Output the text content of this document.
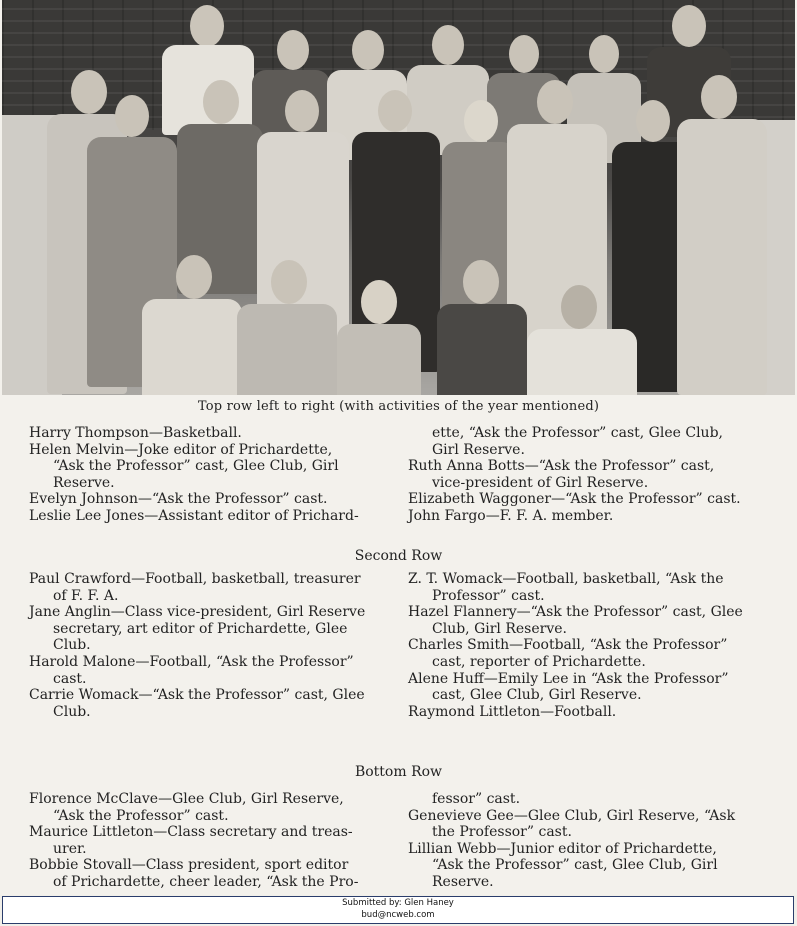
Top row left to right (with activities of the year mentioned)
Harry Thompson—Basketball.
Helen Melvin—Joke editor of Prichardette,
“Ask the Professor” cast, Glee Club, Girl
Reserve.
Evelyn Johnson—“Ask the Professor” cast.
Leslie Lee Jones—Assistant editor of Prichard-
ette, “Ask the Professor” cast, Glee Club,
Girl Reserve.
Ruth Anna Botts—“Ask the Professor” cast,
vice-president of Girl Reserve.
Elizabeth Waggoner—“Ask the Professor” cast.
John Fargo—F. F. A. member.
Second Row
Paul Crawford—Football, basketball, treasurer
of F. F. A.
Jane Anglin—Class vice-president, Girl Reserve
secretary, art editor of Prichardette, Glee
Club.
Harold Malone—Football, “Ask the Professor”
cast.
Carrie Womack—“Ask the Professor” cast, Glee
Club.
Z. T. Womack—Football, basketball, “Ask the
Professor” cast.
Hazel Flannery—“Ask the Professor” cast, Glee
Club, Girl Reserve.
Charles Smith—Football, “Ask the Professor”
cast, reporter of Prichardette.
Alene Huff—Emily Lee in “Ask the Professor”
cast, Glee Club, Girl Reserve.
Raymond Littleton—Football.
Bottom Row
Florence McClave—Glee Club, Girl Reserve,
“Ask the Professor” cast.
Maurice Littleton—Class secretary and treas-
urer.
Bobbie Stovall—Class president, sport editor
of Prichardette, cheer leader, “Ask the Pro-
fessor” cast.
Genevieve Gee—Glee Club, Girl Reserve, “Ask
the Professor” cast.
Lillian Webb—Junior editor of Prichardette,
“Ask the Professor” cast, Glee Club, Girl
Reserve.
Submitted by: Glen Haney
bud@ncweb.com
